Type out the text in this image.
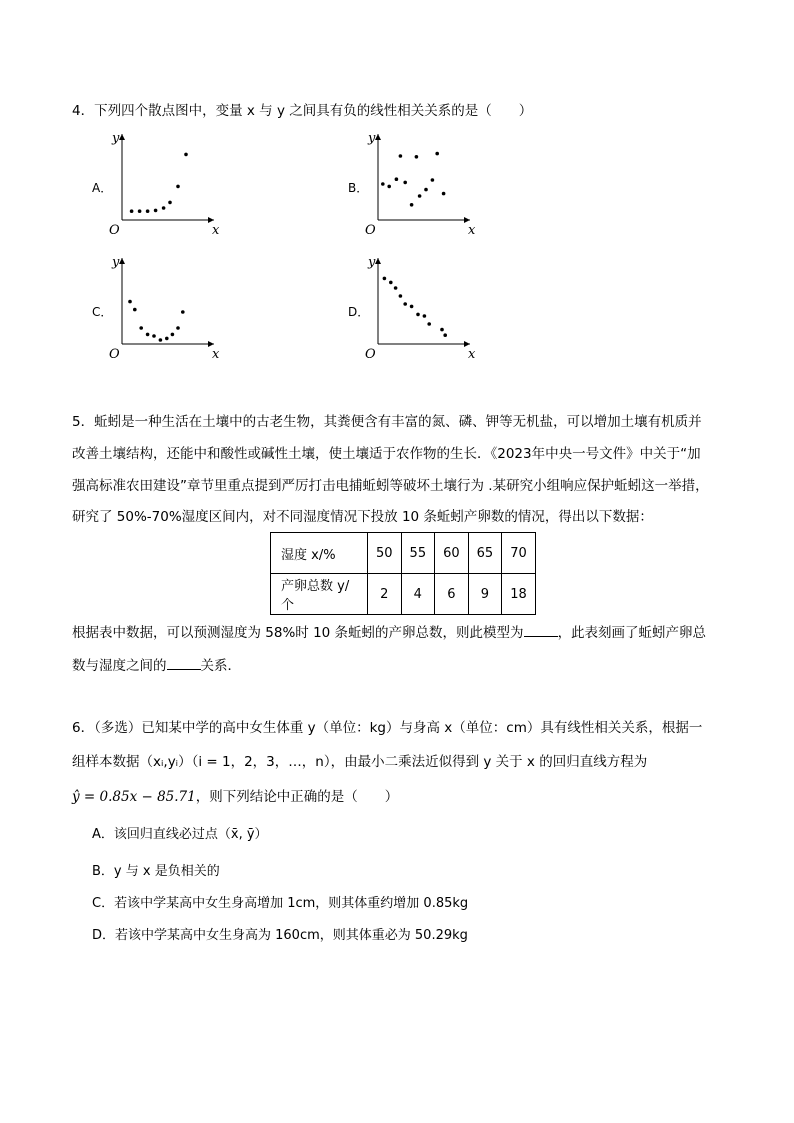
4．下列四个散点图中，变量 x 与 y 之间具有负的线性相关关系的是（　　）
A．
x
y
O
B．
x
y
O
C．
x
y
O
D．
x
y
O
5．蚯蚓是一种生活在土壤中的古老生物，其粪便含有丰富的氮、磷、钾等无机盐，可以增加土壤有机质并
改善土壤结构，还能中和酸性或碱性土壤，使土壤适于农作物的生长．《2023年中央一号文件》中关于“加
强高标准农田建设”章节里重点提到严厉打击电捕蚯蚓等破坏土壤行为 .某研究小组响应保护蚯蚓这一举措，
研究了 50%-70%湿度区间内，对不同湿度情况下投放 10 条蚯蚓产卵数的情况，得出以下数据：
湿度 x/%	50	55	60	65	70
产卵总数 y/个	2	4	6	9	18
根据表中数据，可以预测湿度为 58%时 10 条蚯蚓的产卵总数，则此模型为	，此表刻画了蚯蚓产卵总
数与湿度之间的	关系．
6．（多选）已知某中学的高中女生体重 y（单位：kg）与身高 x（单位：cm）具有线性相关关系，根据一
组样本数据（xᵢ,yᵢ）（i = 1，2，3，…，n），由最小二乘法近似得到 y 关于 x 的回归直线方程为
ŷ = 0.85x − 85.71，则下列结论中正确的是（　　）
A．该回归直线必过点（x̄, ȳ）
B．y 与 x 是负相关的
C．若该中学某高中女生身高增加 1cm，则其体重约增加 0.85kg
D．若该中学某高中女生身高为 160cm，则其体重必为 50.29kg
